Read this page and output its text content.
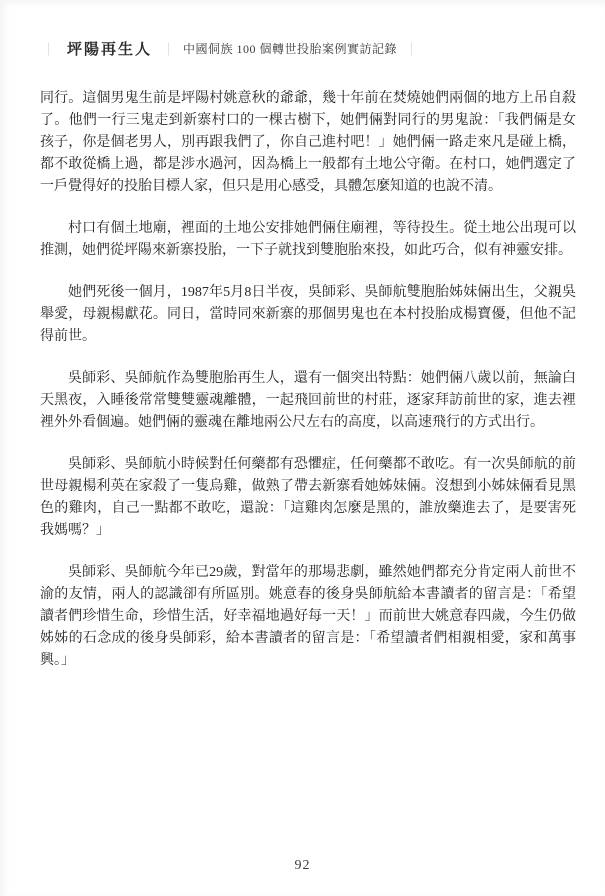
｜ 坪陽再生人 ｜ 中國侗族 100 個轉世投胎案例實訪記錄 ｜

同行。這個男鬼生前是坪陽村姚意秋的爺爺，幾十年前在焚燒她們兩個的地方上吊自殺了。他們一行三鬼走到新寨村口的一棵古樹下，她們倆對同行的男鬼說：「我們倆是女孩子，你是個老男人，別再跟我們了，你自己進村吧！」她們倆一路走來凡是碰上橋，都不敢從橋上過，都是涉水過河，因為橋上一般都有土地公守衛。在村口，她們選定了一戶覺得好的投胎目標人家，但只是用心感受，具體怎麼知道的也說不清。

村口有個土地廟，裡面的土地公安排她們倆住廟裡，等待投生。從土地公出現可以推測，她們從坪陽來新寨投胎，一下子就找到雙胞胎來投，如此巧合，似有神靈安排。

她們死後一個月，1987年5月8日半夜，吳師彩、吳師航雙胞胎姊妹倆出生，父親吳舉愛，母親楊獻花。同日，當時同來新寨的那個男鬼也在本村投胎成楊寶優，但他不記得前世。

吳師彩、吳師航作為雙胞胎再生人，還有一個突出特點：她們倆八歲以前，無論白天黑夜，入睡後常常雙雙靈魂離體，一起飛回前世的村莊，逐家拜訪前世的家，進去裡裡外外看個遍。她們倆的靈魂在離地兩公尺左右的高度，以高速飛行的方式出行。

吳師彩、吳師航小時候對任何藥都有恐懼症，任何藥都不敢吃。有一次吳師航的前世母親楊利英在家殺了一隻烏雞，做熟了帶去新寨看她姊妹倆。沒想到小姊妹倆看見黑色的雞肉，自己一點都不敢吃，還說：「這雞肉怎麼是黑的，誰放藥進去了，是要害死我媽嗎？」

吳師彩、吳師航今年已29歲，對當年的那場悲劇，雖然她們都充分肯定兩人前世不渝的友情，兩人的認識卻有所區別。姚意春的後身吳師航給本書讀者的留言是：「希望讀者們珍惜生命，珍惜生活，好幸福地過好每一天！」而前世大姚意春四歲，今生仍做姊姊的石念成的後身吳師彩，給本書讀者的留言是：「希望讀者們相親相愛，家和萬事興。」

92
